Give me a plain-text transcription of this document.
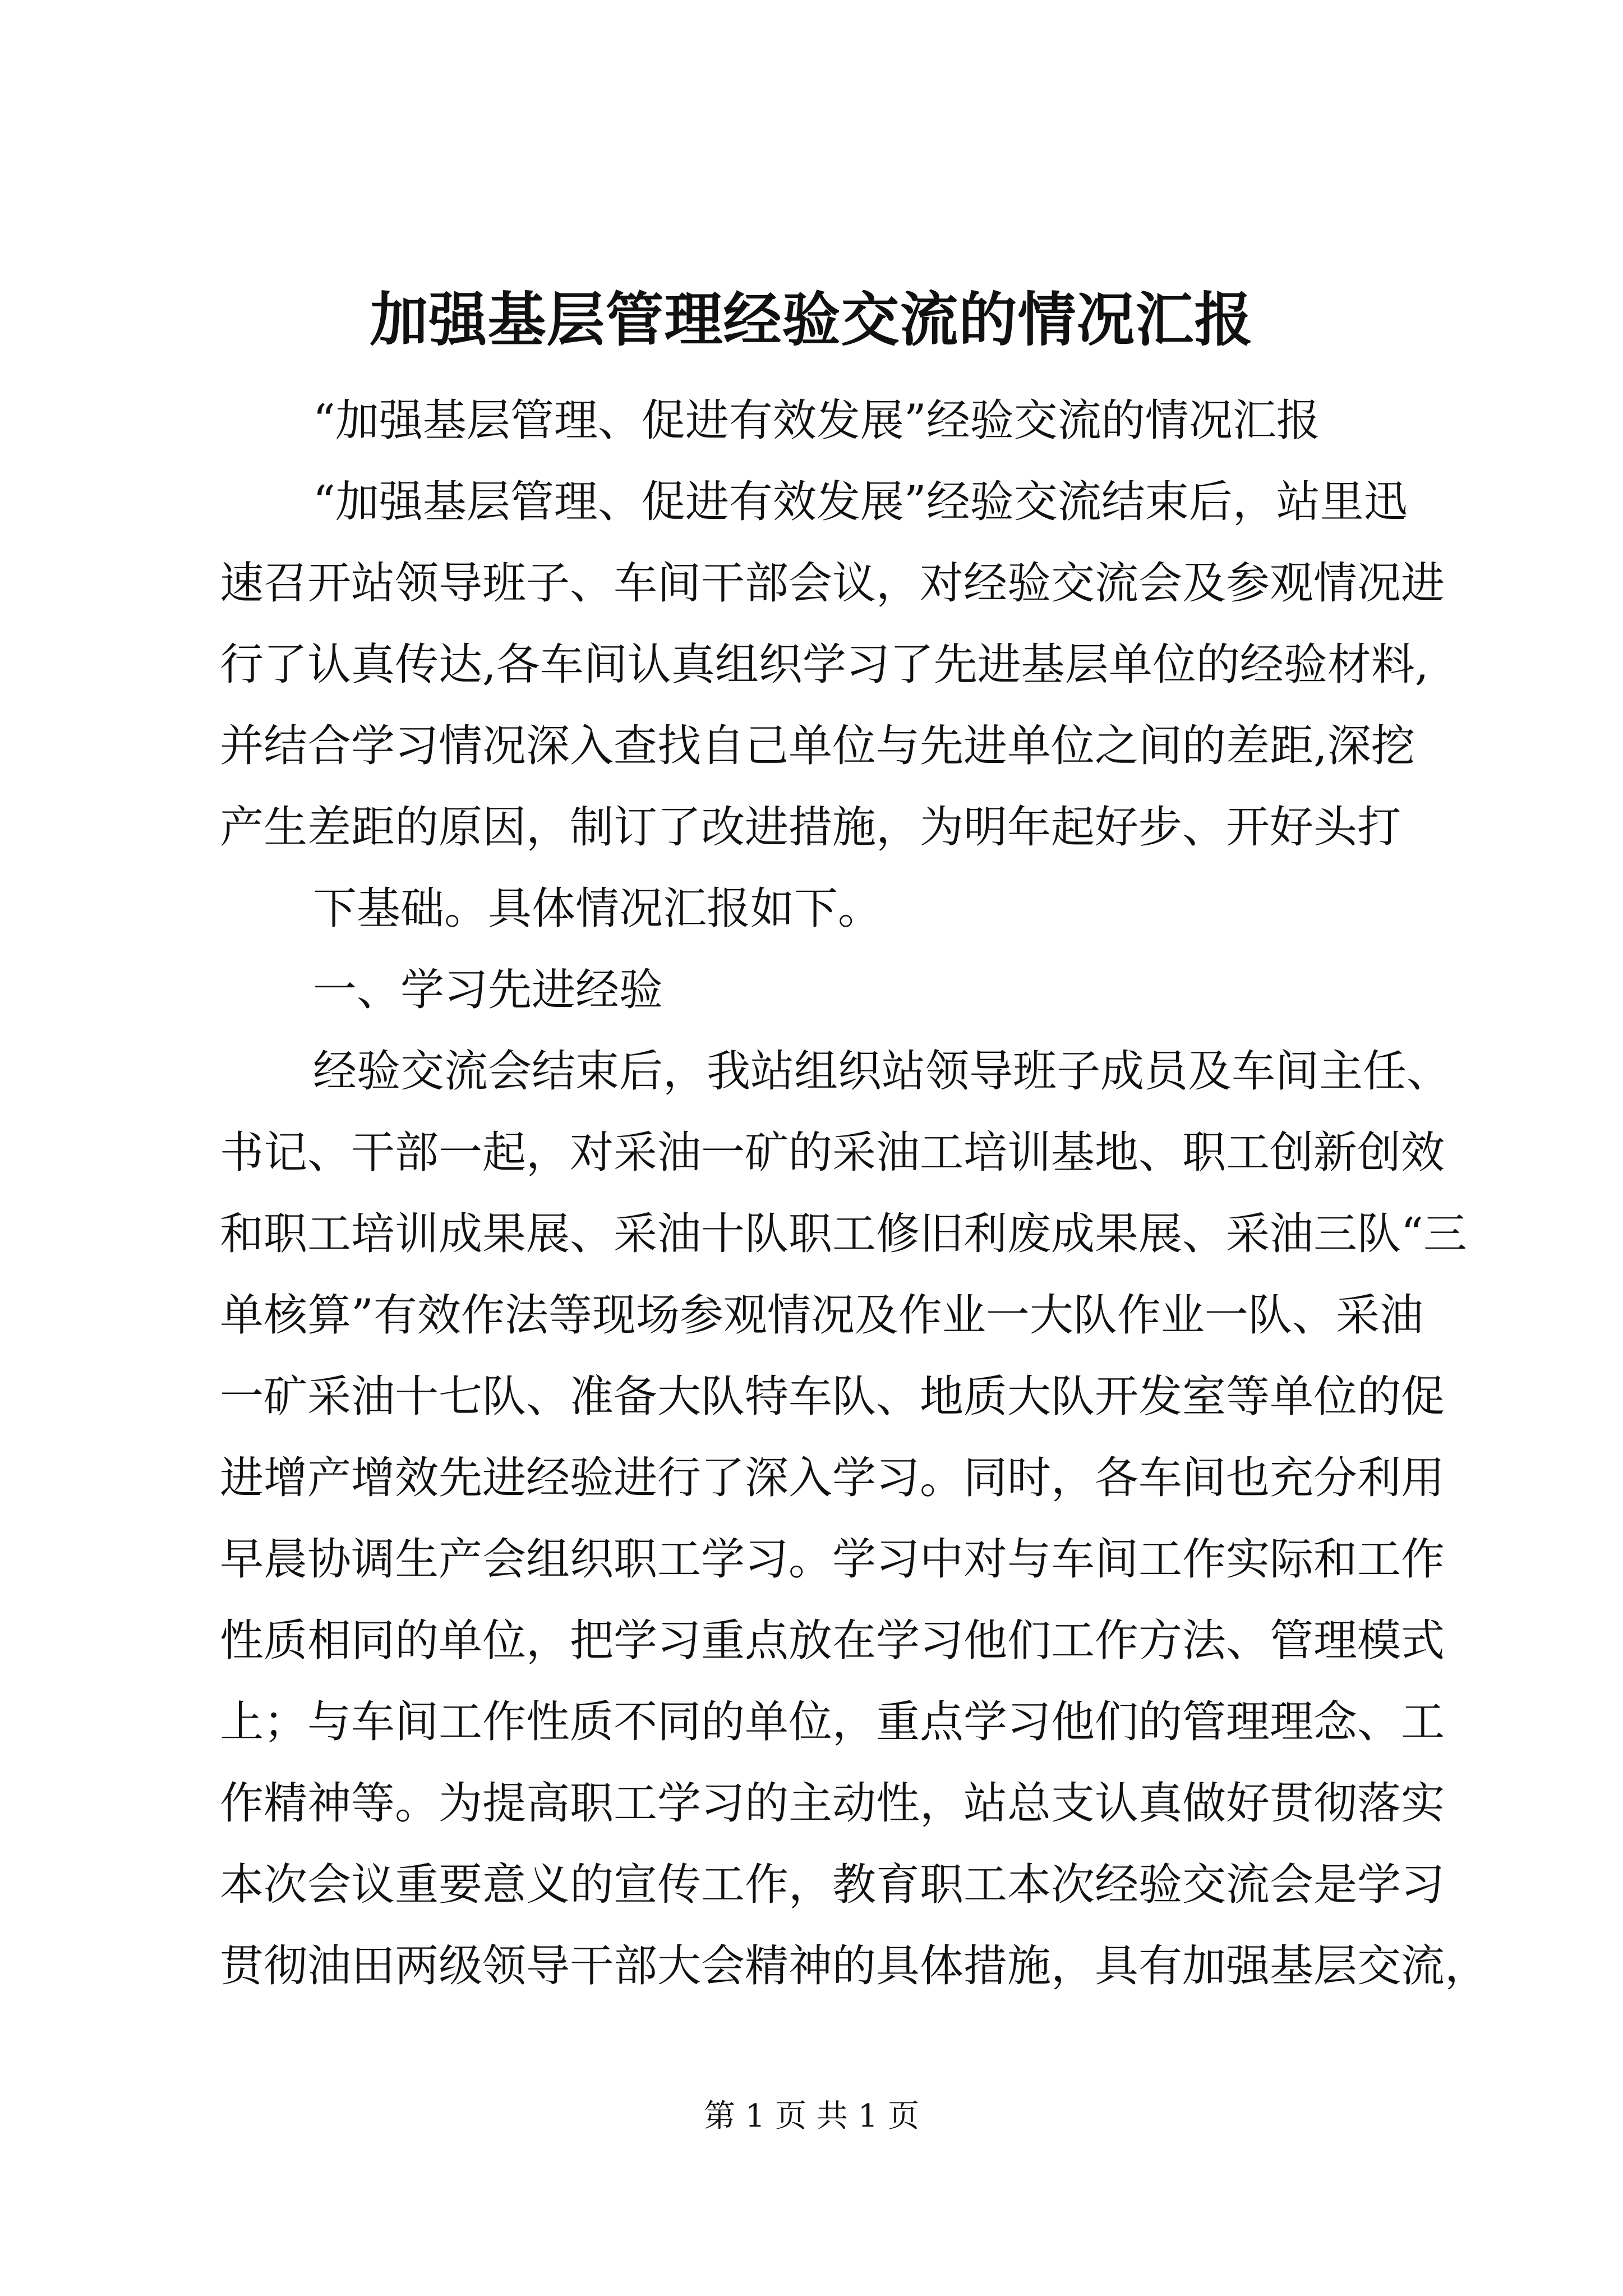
加强基层管理经验交流的情况汇报
“加强基层管理、促进有效发展”经验交流的情况汇报
“加强基层管理、促进有效发展”经验交流结束后，站里迅
速召开站领导班子、车间干部会议，对经验交流会及参观情况进
行了认真传达,各车间认真组织学习了先进基层单位的经验材料,
并结合学习情况深入查找自己单位与先进单位之间的差距,深挖
产生差距的原因，制订了改进措施，为明年起好步、开好头打
下基础。具体情况汇报如下。
一、学习先进经验
经验交流会结束后，我站组织站领导班子成员及车间主任、
书记、干部一起，对采油一矿的采油工培训基地、职工创新创效
和职工培训成果展、采油十队职工修旧利废成果展、采油三队“三
单核算”有效作法等现场参观情况及作业一大队作业一队、采油
一矿采油十七队、准备大队特车队、地质大队开发室等单位的促
进增产增效先进经验进行了深入学习。同时，各车间也充分利用
早晨协调生产会组织职工学习。学习中对与车间工作实际和工作
性质相同的单位，把学习重点放在学习他们工作方法、管理模式
上；与车间工作性质不同的单位，重点学习他们的管理理念、工
作精神等。为提高职工学习的主动性，站总支认真做好贯彻落实
本次会议重要意义的宣传工作，教育职工本次经验交流会是学习
贯彻油田两级领导干部大会精神的具体措施，具有加强基层交流，
第 1 页 共 1 页
